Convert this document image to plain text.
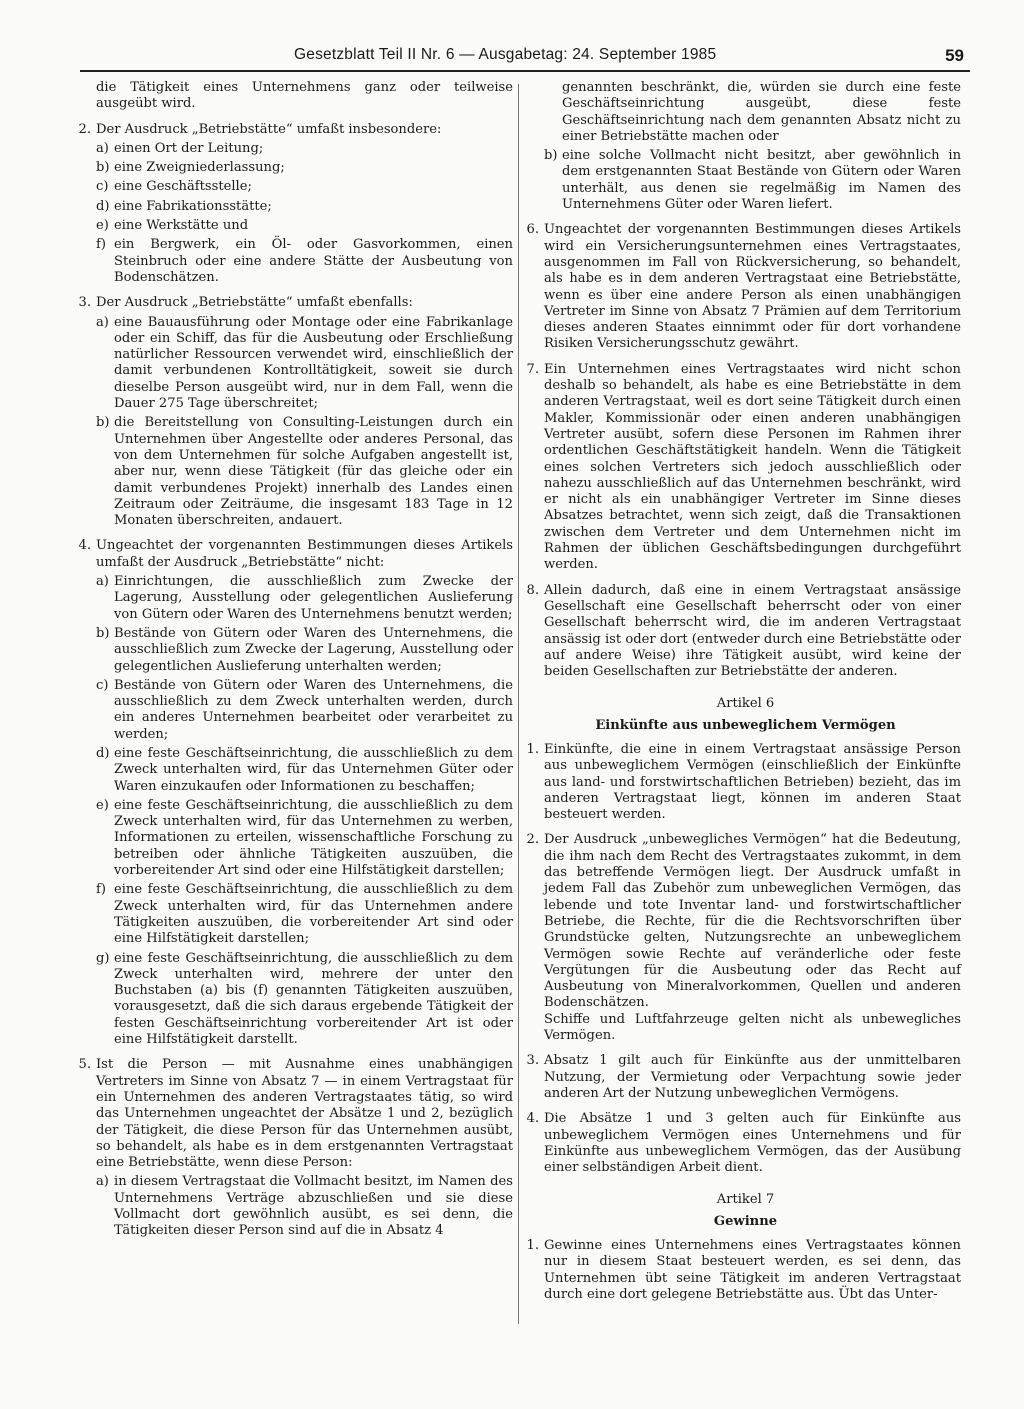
Gesetzblatt Teil II Nr. 6 — Ausgabetag: 24. September 1985	59
die Tätigkeit eines Unternehmens ganz oder teilweise ausgeübt wird.
2. Der Ausdruck „Betriebstätte“ umfaßt insbesondere:
a) einen Ort der Leitung;
b) eine Zweigniederlassung;
c) eine Geschäftsstelle;
d) eine Fabrikationsstätte;
e) eine Werkstätte und
f) ein Bergwerk, ein Öl- oder Gasvorkommen, einen Steinbruch oder eine andere Stätte der Ausbeutung von Bodenschätzen.
3. Der Ausdruck „Betriebstätte“ umfaßt ebenfalls:
a) eine Bauausführung oder Montage oder eine Fabrikanlage oder ein Schiff, das für die Ausbeutung oder Erschließung natürlicher Ressourcen verwendet wird, einschließlich der damit verbundenen Kontrolltätigkeit, soweit sie durch dieselbe Person ausgeübt wird, nur in dem Fall, wenn die Dauer 275 Tage überschreitet;
b) die Bereitstellung von Consulting-Leistungen durch ein Unternehmen über Angestellte oder anderes Personal, das von dem Unternehmen für solche Aufgaben angestellt ist, aber nur, wenn diese Tätigkeit (für das gleiche oder ein damit verbundenes Projekt) innerhalb des Landes einen Zeitraum oder Zeiträume, die insgesamt 183 Tage in 12 Monaten überschreiten, andauert.
4. Ungeachtet der vorgenannten Bestimmungen dieses Artikels umfaßt der Ausdruck „Betriebstätte“ nicht:
a) Einrichtungen, die ausschließlich zum Zwecke der Lagerung, Ausstellung oder gelegentlichen Auslieferung von Gütern oder Waren des Unternehmens benutzt werden;
b) Bestände von Gütern oder Waren des Unternehmens, die ausschließlich zum Zwecke der Lagerung, Ausstellung oder gelegentlichen Auslieferung unterhalten werden;
c) Bestände von Gütern oder Waren des Unternehmens, die ausschließlich zu dem Zweck unterhalten werden, durch ein anderes Unternehmen bearbeitet oder verarbeitet zu werden;
d) eine feste Geschäftseinrichtung, die ausschließlich zu dem Zweck unterhalten wird, für das Unternehmen Güter oder Waren einzukaufen oder Informationen zu beschaffen;
e) eine feste Geschäftseinrichtung, die ausschließlich zu dem Zweck unterhalten wird, für das Unternehmen zu werben, Informationen zu erteilen, wissenschaftliche Forschung zu betreiben oder ähnliche Tätigkeiten auszuüben, die vorbereitender Art sind oder eine Hilfstätigkeit darstellen;
f) eine feste Geschäftseinrichtung, die ausschließlich zu dem Zweck unterhalten wird, für das Unternehmen andere Tätigkeiten auszuüben, die vorbereitender Art sind oder eine Hilfstätigkeit darstellen;
g) eine feste Geschäftseinrichtung, die ausschließlich zu dem Zweck unterhalten wird, mehrere der unter den Buchstaben (a) bis (f) genannten Tätigkeiten auszuüben, vorausgesetzt, daß die sich daraus ergebende Tätigkeit der festen Geschäftseinrichtung vorbereitender Art ist oder eine Hilfstätigkeit darstellt.
5. Ist die Person — mit Ausnahme eines unabhängigen Vertreters im Sinne von Absatz 7 — in einem Vertragstaat für ein Unternehmen des anderen Vertragstaates tätig, so wird das Unternehmen ungeachtet der Absätze 1 und 2, bezüglich der Tätigkeit, die diese Person für das Unternehmen ausübt, so behandelt, als habe es in dem erstgenannten Vertragstaat eine Betriebstätte, wenn diese Person:
a) in diesem Vertragstaat die Vollmacht besitzt, im Namen des Unternehmens Verträge abzuschließen und sie diese Vollmacht dort gewöhnlich ausübt, es sei denn, die Tätigkeiten dieser Person sind auf die in Absatz 4
genannten beschränkt, die, würden sie durch eine feste Geschäftseinrichtung ausgeübt, diese feste Geschäftseinrichtung nach dem genannten Absatz nicht zu einer Betriebstätte machen oder
b) eine solche Vollmacht nicht besitzt, aber gewöhnlich in dem erstgenannten Staat Bestände von Gütern oder Waren unterhält, aus denen sie regelmäßig im Namen des Unternehmens Güter oder Waren liefert.
6. Ungeachtet der vorgenannten Bestimmungen dieses Artikels wird ein Versicherungsunternehmen eines Vertragstaates, ausgenommen im Fall von Rückversicherung, so behandelt, als habe es in dem anderen Vertragstaat eine Betriebstätte, wenn es über eine andere Person als einen unabhängigen Vertreter im Sinne von Absatz 7 Prämien auf dem Territorium dieses anderen Staates einnimmt oder für dort vorhandene Risiken Versicherungsschutz gewährt.
7. Ein Unternehmen eines Vertragstaates wird nicht schon deshalb so behandelt, als habe es eine Betriebstätte in dem anderen Vertragstaat, weil es dort seine Tätigkeit durch einen Makler, Kommissionär oder einen anderen unabhängigen Vertreter ausübt, sofern diese Personen im Rahmen ihrer ordentlichen Geschäftstätigkeit handeln. Wenn die Tätigkeit eines solchen Vertreters sich jedoch ausschließlich oder nahezu ausschließlich auf das Unternehmen beschränkt, wird er nicht als ein unabhängiger Vertreter im Sinne dieses Absatzes betrachtet, wenn sich zeigt, daß die Transaktionen zwischen dem Vertreter und dem Unternehmen nicht im Rahmen der üblichen Geschäftsbedingungen durchgeführt werden.
8. Allein dadurch, daß eine in einem Vertragstaat ansässige Gesellschaft eine Gesellschaft beherrscht oder von einer Gesellschaft beherrscht wird, die im anderen Vertragstaat ansässig ist oder dort (entweder durch eine Betriebstätte oder auf andere Weise) ihre Tätigkeit ausübt, wird keine der beiden Gesellschaften zur Betriebstätte der anderen.
Artikel 6
Einkünfte aus unbeweglichem Vermögen
1. Einkünfte, die eine in einem Vertragstaat ansässige Person aus unbeweglichem Vermögen (einschließlich der Einkünfte aus land- und forstwirtschaftlichen Betrieben) bezieht, das im anderen Vertragstaat liegt, können im anderen Staat besteuert werden.
2. Der Ausdruck „unbewegliches Vermögen“ hat die Bedeutung, die ihm nach dem Recht des Vertragstaates zukommt, in dem das betreffende Vermögen liegt. Der Ausdruck umfaßt in jedem Fall das Zubehör zum unbeweglichen Vermögen, das lebende und tote Inventar land- und forstwirtschaftlicher Betriebe, die Rechte, für die die Rechtsvorschriften über Grundstücke gelten, Nutzungsrechte an unbeweglichem Vermögen sowie Rechte auf veränderliche oder feste Vergütungen für die Ausbeutung oder das Recht auf Ausbeutung von Mineralvorkommen, Quellen und anderen Bodenschätzen.
Schiffe und Luftfahrzeuge gelten nicht als unbewegliches Vermögen.
3. Absatz 1 gilt auch für Einkünfte aus der unmittelbaren Nutzung, der Vermietung oder Verpachtung sowie jeder anderen Art der Nutzung unbeweglichen Vermögens.
4. Die Absätze 1 und 3 gelten auch für Einkünfte aus unbeweglichem Vermögen eines Unternehmens und für Einkünfte aus unbeweglichem Vermögen, das der Ausübung einer selbständigen Arbeit dient.
Artikel 7
Gewinne
1. Gewinne eines Unternehmens eines Vertragstaates können nur in diesem Staat besteuert werden, es sei denn, das Unternehmen übt seine Tätigkeit im anderen Vertragstaat durch eine dort gelegene Betriebstätte aus. Übt das Unter-
